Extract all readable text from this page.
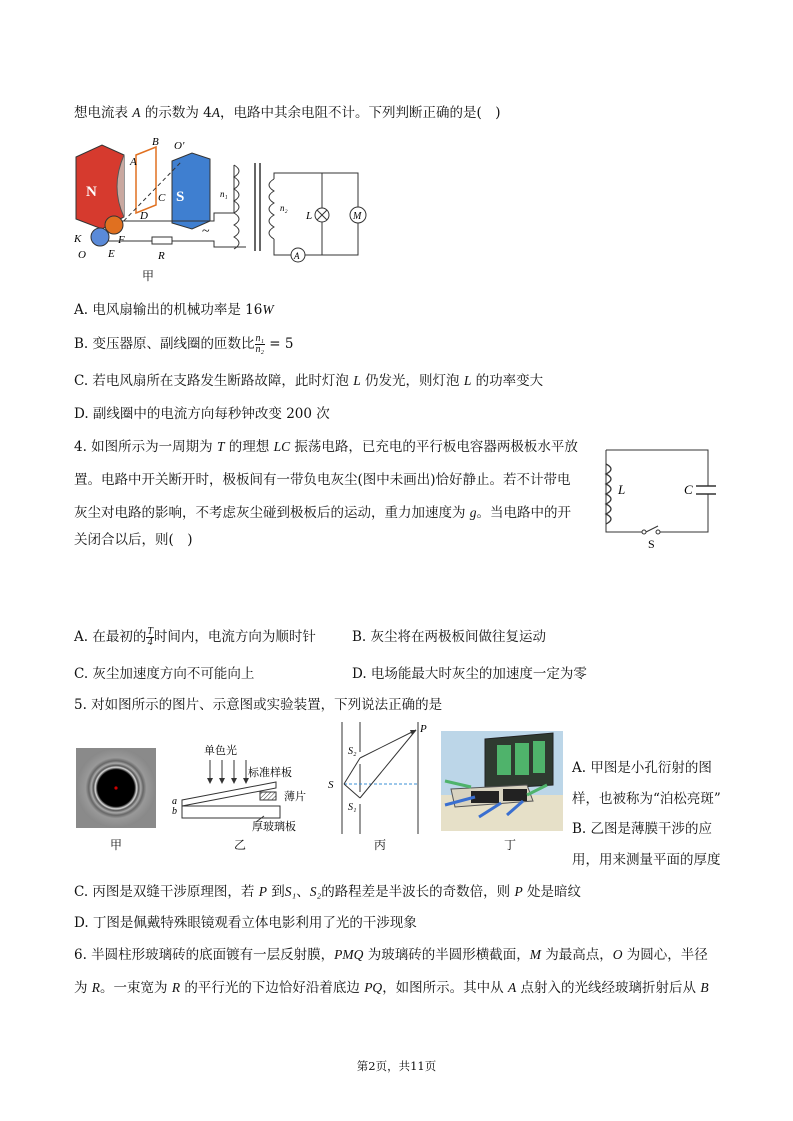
想电流表 A 的示数为 4A，电路中其余电阻不计。下列判断正确的是(　)
N	S
B O'
A
C
D
F
K
O E	R
~
n₁
n₂
L	M
A
甲
A. 电风扇输出的机械功率是 16W
B. 变压器原、副线圈的匝数比 $\frac{\text{n₁}}{\text{n₂}} = 5$
C. 若电风扇所在支路发生断路故障，此时灯泡 L 仍发光，则灯泡 L 的功率变大
D. 副线圈中的电流方向每秒钟改变 200 次
4. 如图所示为一周期为 T 的理想 LC 振荡电路，已充电的平行板电容器两极板水平放
置。电路中开关断开时，极板间有一带负电灰尘(图中未画出)恰好静止。若不计带电
灰尘对电路的影响，不考虑灰尘碰到极板后的运动，重力加速度为 g。当电路中的开
关闭合以后，则(　)
L	C
S
A. 在最初的 $\frac{T}{4}$ 时间内，电流方向为顺时针	B. 灰尘将在两极板间做往复运动
C. 灰尘加速度方向不可能向上	D. 电场能最大时灰尘的加速度一定为零
5. 对如图所示的图片、示意图或实验装置，下列说法正确的是
甲
单色光
标准样板
薄片
厚玻璃板
a
b
乙
P
S
S₂
S₁
丙	丁
A. 甲图是小孔衍射的图
样，也被称为“泊松亮斑”
B. 乙图是薄膜干涉的应
用，用来测量平面的厚度
C. 丙图是双缝干涉原理图，若 P 到S₁、S₂的路程差是半波长的奇数倍，则 P 处是暗纹
D. 丁图是佩戴特殊眼镜观看立体电影利用了光的干涉现象
6. 半圆柱形玻璃砖的底面镀有一层反射膜，PMQ 为玻璃砖的半圆形横截面，M 为最高点，O 为圆心，半径
为 R。一束宽为 R 的平行光的下边恰好沿着底边 PQ，如图所示。其中从 A 点射入的光线经玻璃折射后从 B
第2页，共11页
